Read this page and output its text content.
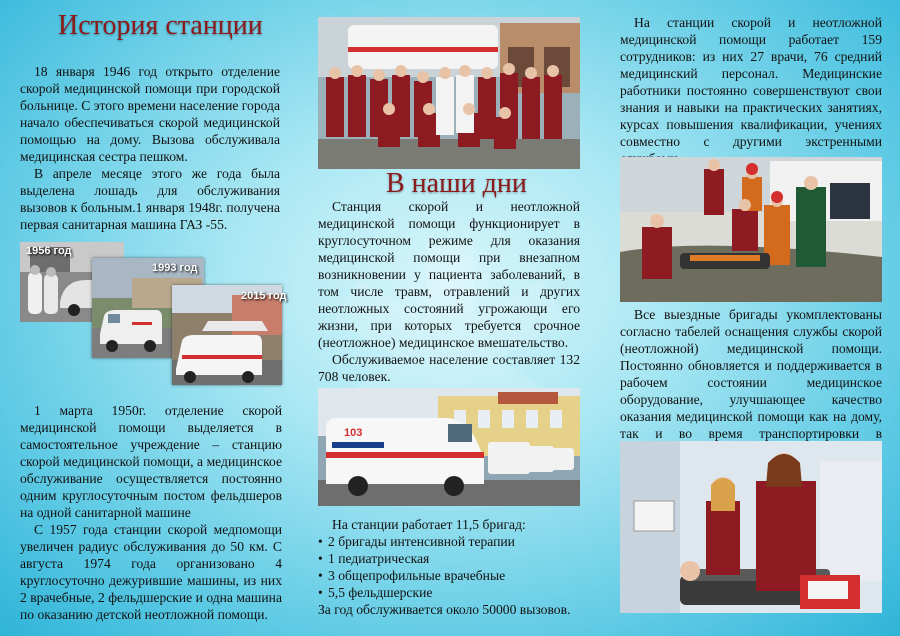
История станции

18 января 1946 год открыто отделение скорой медицинской помощи при городской больнице. С этого времени население города начало обеспечиваться скорой медицинской помощью на дому. Вызова обслуживала медицинская сестра пешком.

В апреле месяце этого же года была выделена лошадь для обслуживания вызовов к больным.1 января 1948г. получена первая санитарная машина ГАЗ -55.

1956 год
1993 год
2015 год

1 марта 1950г. отделение скорой медицинской помощи выделяется в самостоятельное учреждение – станцию скорой медицинской помощи, а медицинское обслуживание осуществляется постоянно одним круглосуточным постом фельдшеров на одной санитарной машине

С 1957 года станции скорой медпомощи увеличен радиус обслуживания до 50 км. С августа 1974 года организовано 4 круглосуточно дежурившие машины, из них 2 врачебные, 2 фельдшерские и одна машина по оказанию детской неотложной помощи.

В наши дни

Станция скорой и неотложной медицинской помощи функционирует в круглосуточном режиме для оказания медицинской помощи при внезапном возникновении у пациента заболеваний, в том числе травм, отравлений и других неотложных состояний угрожающи его жизни, при которых требуется срочное (неотложное) медицинское вмешательство.

Обслуживаемое население составляет 132 708 человек.

103

На станции работает 11,5 бригад:

• 2 бригады интенсивной терапии
• 1 педиатрическая
• 3 общепрофильные врачебные
• 5,5 фельдшерские

За год обслуживается около 50000 вызовов.

На станции скорой и неотложной медицинской помощи работает 159 сотрудников: из них 27 врачи, 76 средний медицинский персонал. Медицинские работники постоянно совершенствуют свои знания и навыки на практических занятиях, курсах повышения квалификации, учениях совместно с другими экстренными

Все выездные бригады укомплектованы согласно табелей оснащения службы скорой (неотложной) медицинской помощи. Постоянно обновляется и поддерживается в рабочем состоянии медицинское оборудование, улучшающее качество оказания медицинской помощи как на дому, так и во время транспортировки в
